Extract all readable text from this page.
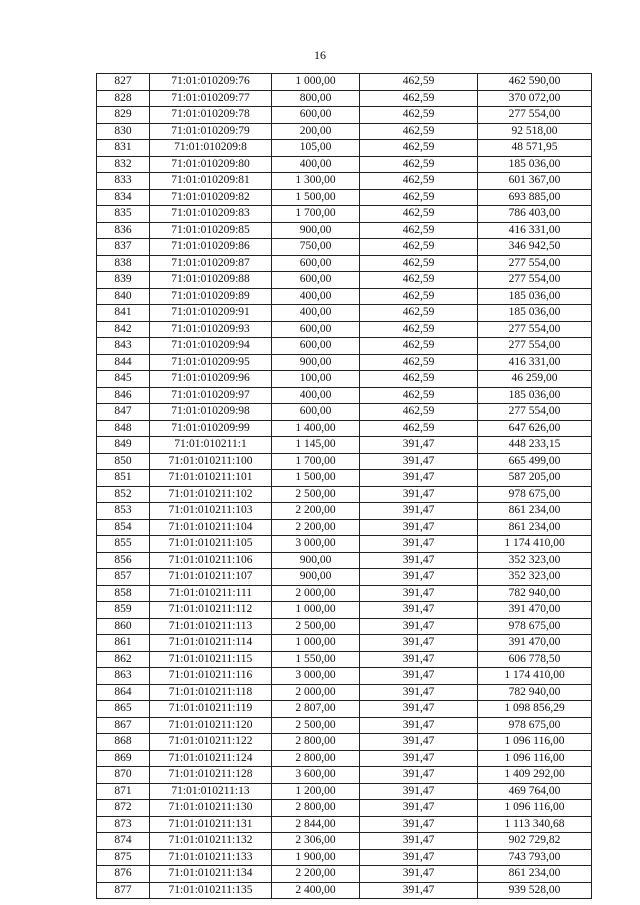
16
827	71:01:010209:76	1 000,00	462,59	462 590,00
828	71:01:010209:77	800,00	462,59	370 072,00
829	71:01:010209:78	600,00	462,59	277 554,00
830	71:01:010209:79	200,00	462,59	92 518,00
831	71:01:010209:8	105,00	462,59	48 571,95
832	71:01:010209:80	400,00	462,59	185 036,00
833	71:01:010209:81	1 300,00	462,59	601 367,00
834	71:01:010209:82	1 500,00	462,59	693 885,00
835	71:01:010209:83	1 700,00	462,59	786 403,00
836	71:01:010209:85	900,00	462,59	416 331,00
837	71:01:010209:86	750,00	462,59	346 942,50
838	71:01:010209:87	600,00	462,59	277 554,00
839	71:01:010209:88	600,00	462,59	277 554,00
840	71:01:010209:89	400,00	462,59	185 036,00
841	71:01:010209:91	400,00	462,59	185 036,00
842	71:01:010209:93	600,00	462,59	277 554,00
843	71:01:010209:94	600,00	462,59	277 554,00
844	71:01:010209:95	900,00	462,59	416 331,00
845	71:01:010209:96	100,00	462,59	46 259,00
846	71:01:010209:97	400,00	462,59	185 036,00
847	71:01:010209:98	600,00	462,59	277 554,00
848	71:01:010209:99	1 400,00	462,59	647 626,00
849	71:01:010211:1	1 145,00	391,47	448 233,15
850	71:01:010211:100	1 700,00	391,47	665 499,00
851	71:01:010211:101	1 500,00	391,47	587 205,00
852	71:01:010211:102	2 500,00	391,47	978 675,00
853	71:01:010211:103	2 200,00	391,47	861 234,00
854	71:01:010211:104	2 200,00	391,47	861 234,00
855	71:01:010211:105	3 000,00	391,47	1 174 410,00
856	71:01:010211:106	900,00	391,47	352 323,00
857	71:01:010211:107	900,00	391,47	352 323,00
858	71:01:010211:111	2 000,00	391,47	782 940,00
859	71:01:010211:112	1 000,00	391,47	391 470,00
860	71:01:010211:113	2 500,00	391,47	978 675,00
861	71:01:010211:114	1 000,00	391,47	391 470,00
862	71:01:010211:115	1 550,00	391,47	606 778,50
863	71:01:010211:116	3 000,00	391,47	1 174 410,00
864	71:01:010211:118	2 000,00	391,47	782 940,00
865	71:01:010211:119	2 807,00	391,47	1 098 856,29
867	71:01:010211:120	2 500,00	391,47	978 675,00
868	71:01:010211:122	2 800,00	391,47	1 096 116,00
869	71:01:010211:124	2 800,00	391,47	1 096 116,00
870	71:01:010211:128	3 600,00	391,47	1 409 292,00
871	71:01:010211:13	1 200,00	391,47	469 764,00
872	71:01:010211:130	2 800,00	391,47	1 096 116,00
873	71:01:010211:131	2 844,00	391,47	1 113 340,68
874	71:01:010211:132	2 306,00	391,47	902 729,82
875	71:01:010211:133	1 900,00	391,47	743 793,00
876	71:01:010211:134	2 200,00	391,47	861 234,00
877	71:01:010211:135	2 400,00	391,47	939 528,00
